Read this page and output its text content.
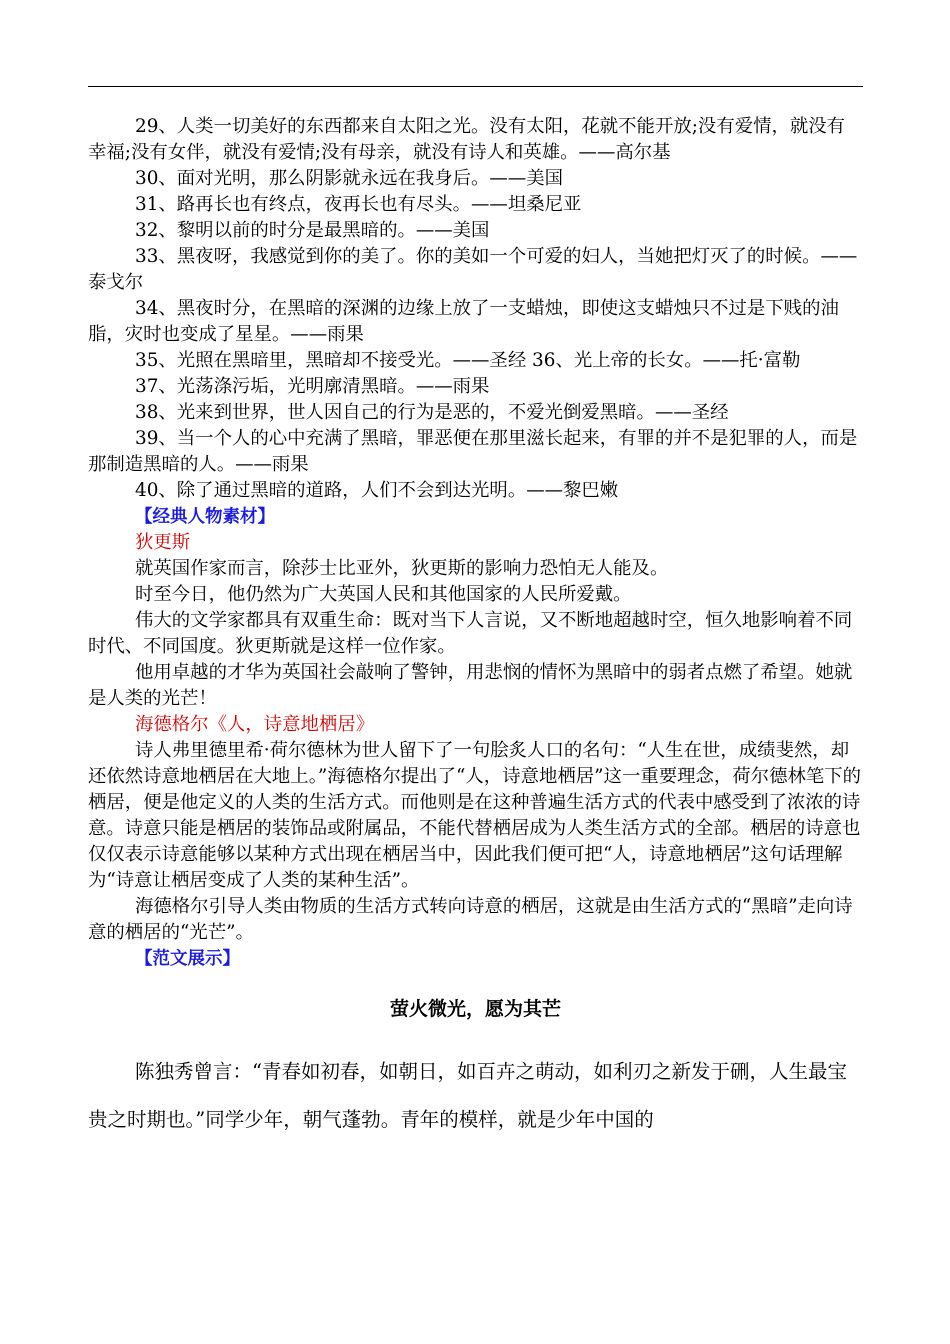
29、人类一切美好的东西都来自太阳之光。没有太阳，花就不能开放;没有爱情，就没有幸福;没有女伴，就没有爱情;没有母亲，就没有诗人和英雄。——高尔基

30、面对光明，那么阴影就永远在我身后。——美国

31、路再长也有终点，夜再长也有尽头。——坦桑尼亚

32、黎明以前的时分是最黑暗的。——美国

33、黑夜呀，我感觉到你的美了。你的美如一个可爱的妇人，当她把灯灭了的时候。——泰戈尔

34、黑夜时分，在黑暗的深渊的边缘上放了一支蜡烛，即使这支蜡烛只不过是下贱的油脂，灾时也变成了星星。——雨果

35、光照在黑暗里，黑暗却不接受光。——圣经 36、光上帝的长女。——托·富勒

37、光荡涤污垢，光明廓清黑暗。——雨果

38、光来到世界，世人因自己的行为是恶的，不爱光倒爱黑暗。——圣经

39、当一个人的心中充满了黑暗，罪恶便在那里滋长起来，有罪的并不是犯罪的人，而是那制造黑暗的人。——雨果

40、除了通过黑暗的道路，人们不会到达光明。——黎巴嫩

【经典人物素材】

狄更斯

就英国作家而言，除莎士比亚外，狄更斯的影响力恐怕无人能及。

时至今日，他仍然为广大英国人民和其他国家的人民所爱戴。

伟大的文学家都具有双重生命：既对当下人言说，又不断地超越时空，恒久地影响着不同时代、不同国度。狄更斯就是这样一位作家。

他用卓越的才华为英国社会敲响了警钟，用悲悯的情怀为黑暗中的弱者点燃了希望。她就是人类的光芒！

海德格尔《人，诗意地栖居》

诗人弗里德里希·荷尔德林为世人留下了一句脍炙人口的名句：“人生在世，成绩斐然，却还依然诗意地栖居在大地上。”海德格尔提出了“人，诗意地栖居”这一重要理念，荷尔德林笔下的栖居，便是他定义的人类的生活方式。而他则是在这种普遍生活方式的代表中感受到了浓浓的诗意。诗意只能是栖居的装饰品或附属品，不能代替栖居成为人类生活方式的全部。栖居的诗意也仅仅表示诗意能够以某种方式出现在栖居当中，因此我们便可把“人，诗意地栖居”这句话理解为“诗意让栖居变成了人类的某种生活”。

海德格尔引导人类由物质的生活方式转向诗意的栖居，这就是由生活方式的“黑暗”走向诗意的栖居的“光芒”。

【范文展示】

萤火微光，愿为其芒

陈独秀曾言：“青春如初春，如朝日，如百卉之萌动，如利刃之新发于硎，人生最宝贵之时期也。”同学少年，朝气蓬勃。青年的模样，就是少年中国的
